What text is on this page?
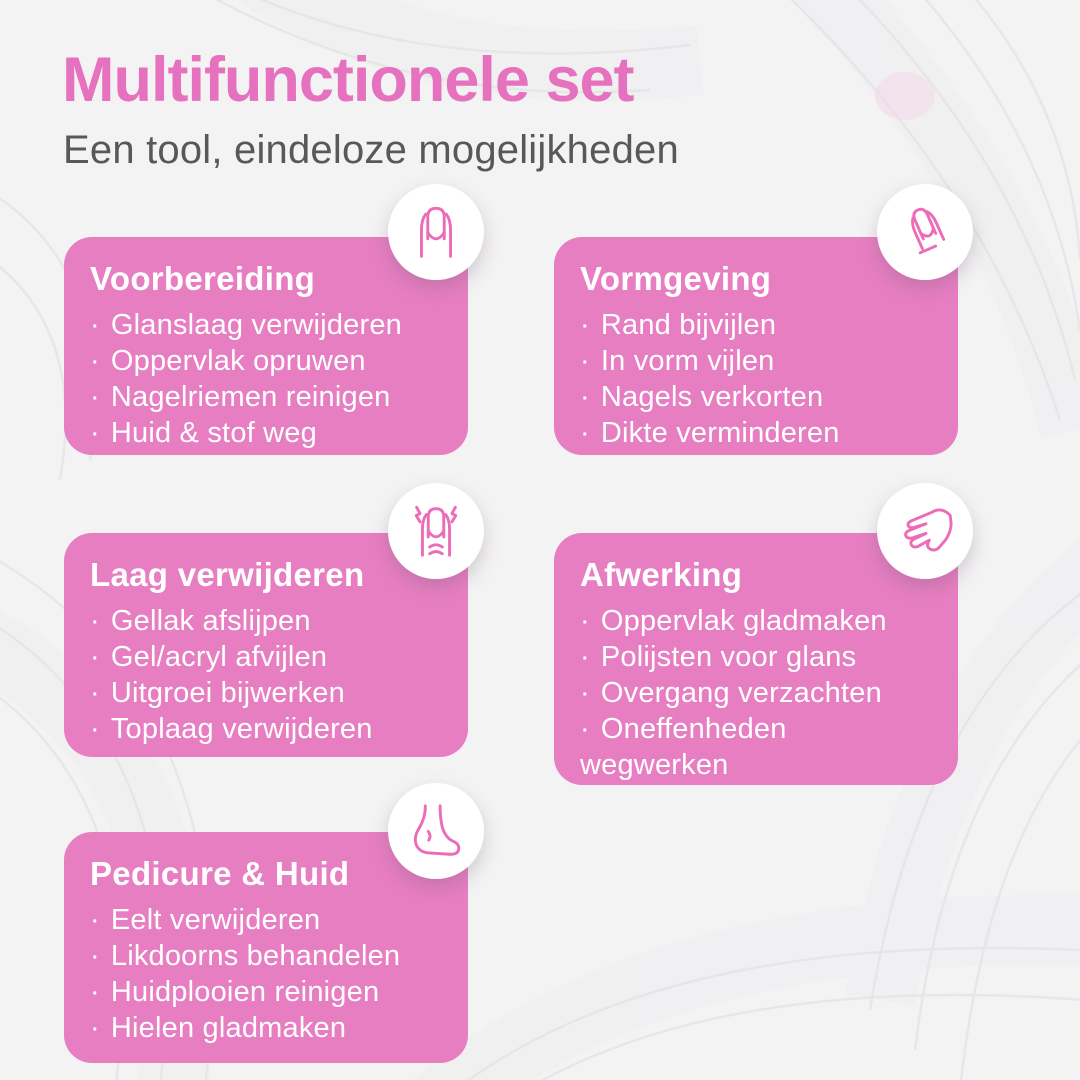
Multifunctionele set

Een tool, eindeloze mogelijkheden

Voorbereiding
· Glanslaag verwijderen
· Oppervlak opruwen
· Nagelriemen reinigen
· Huid & stof weg
Vormgeving
· Rand bijvijlen
· In vorm vijlen
· Nagels verkorten
· Dikte verminderen
Laag verwijderen
· Gellak afslijpen
· Gel/acryl afvijlen
· Uitgroei bijwerken
· Toplaag verwijderen
Afwerking
· Oppervlak gladmaken
· Polijsten voor glans
· Overgang verzachten
· Oneffenheden wegwerken
Pedicure & Huid
· Eelt verwijderen
· Likdoorns behandelen
· Huidplooien reinigen
· Hielen gladmaken
